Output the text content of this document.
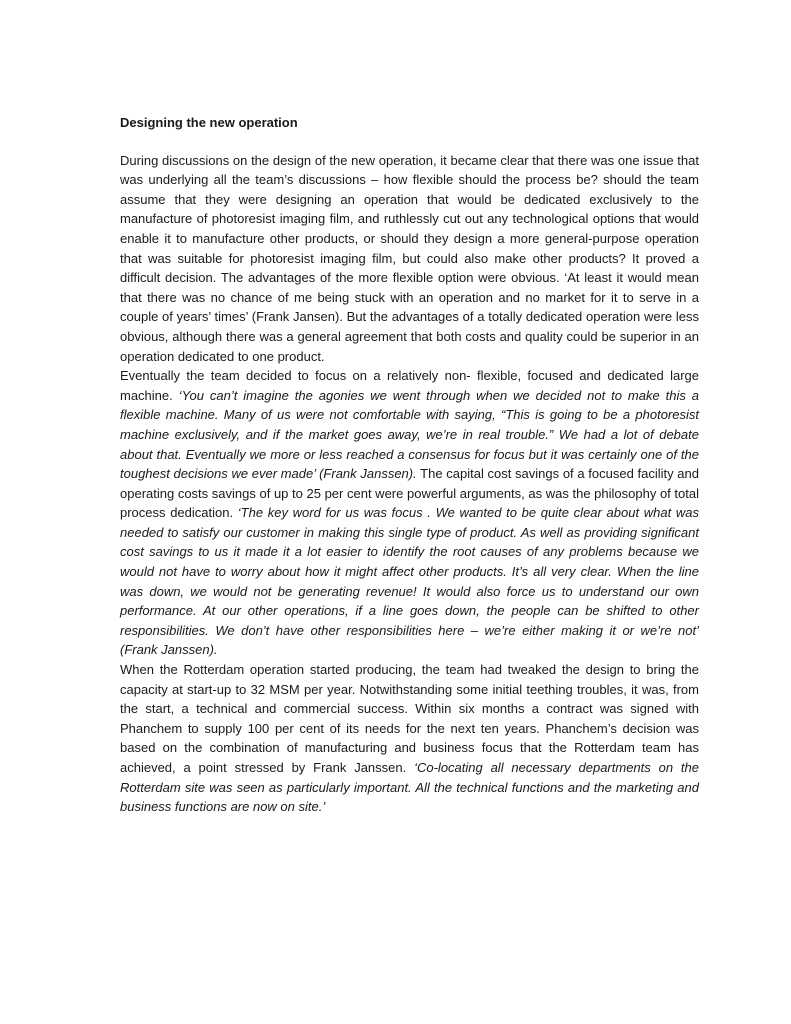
Designing the new operation

During discussions on the design of the new operation, it became clear that there was one issue that was underlying all the team’s discussions – how flexible should the process be? should the team assume that they were designing an operation that would be dedicated exclusively to the manufacture of photoresist imaging film, and ruthlessly cut out any technological options that would enable it to manufacture other products, or should they design a more general-purpose operation that was suitable for photoresist imaging film, but could also make other products? It proved a difficult decision. The advantages of the more flexible option were obvious. ‘At least it would mean that there was no chance of me being stuck with an operation and no market for it to serve in a couple of years’ times’ (Frank Jansen). But the advantages of a totally dedicated operation were less obvious, although there was a general agreement that both costs and quality could be superior in an operation dedicated to one product.

Eventually the team decided to focus on a relatively non- flexible, focused and dedicated large machine. ‘You can’t imagine the agonies we went through when we decided not to make this a flexible machine. Many of us were not comfortable with saying, “This is going to be a photoresist machine exclusively, and if the market goes away, we’re in real trouble.” We had a lot of debate about that. Eventually we more or less reached a consensus for focus but it was certainly one of the toughest decisions we ever made’ (Frank Janssen). The capital cost savings of a focused facility and operating costs savings of up to 25 per cent were powerful arguments, as was the philosophy of total process dedication. ‘The key word for us was focus . We wanted to be quite clear about what was needed to satisfy our customer in making this single type of product. As well as providing significant cost savings to us it made it a lot easier to identify the root causes of any problems because we would not have to worry about how it might affect other products. It’s all very clear. When the line was down, we would not be generating revenue! It would also force us to understand our own performance. At our other operations, if a line goes down, the people can be shifted to other responsibilities. We don’t have other responsibilities here – we’re either making it or we’re not’ (Frank Janssen).

When the Rotterdam operation started producing, the team had tweaked the design to bring the capacity at start-up to 32 MSM per year. Notwithstanding some initial teething troubles, it was, from the start, a technical and commercial success. Within six months a contract was signed with Phanchem to supply 100 per cent of its needs for the next ten years. Phanchem’s decision was based on the combination of manufacturing and business focus that the Rotterdam team has achieved, a point stressed by Frank Janssen. ‘Co-locating all necessary departments on the Rotterdam site was seen as particularly important. All the technical functions and the marketing and business functions are now on site.’
